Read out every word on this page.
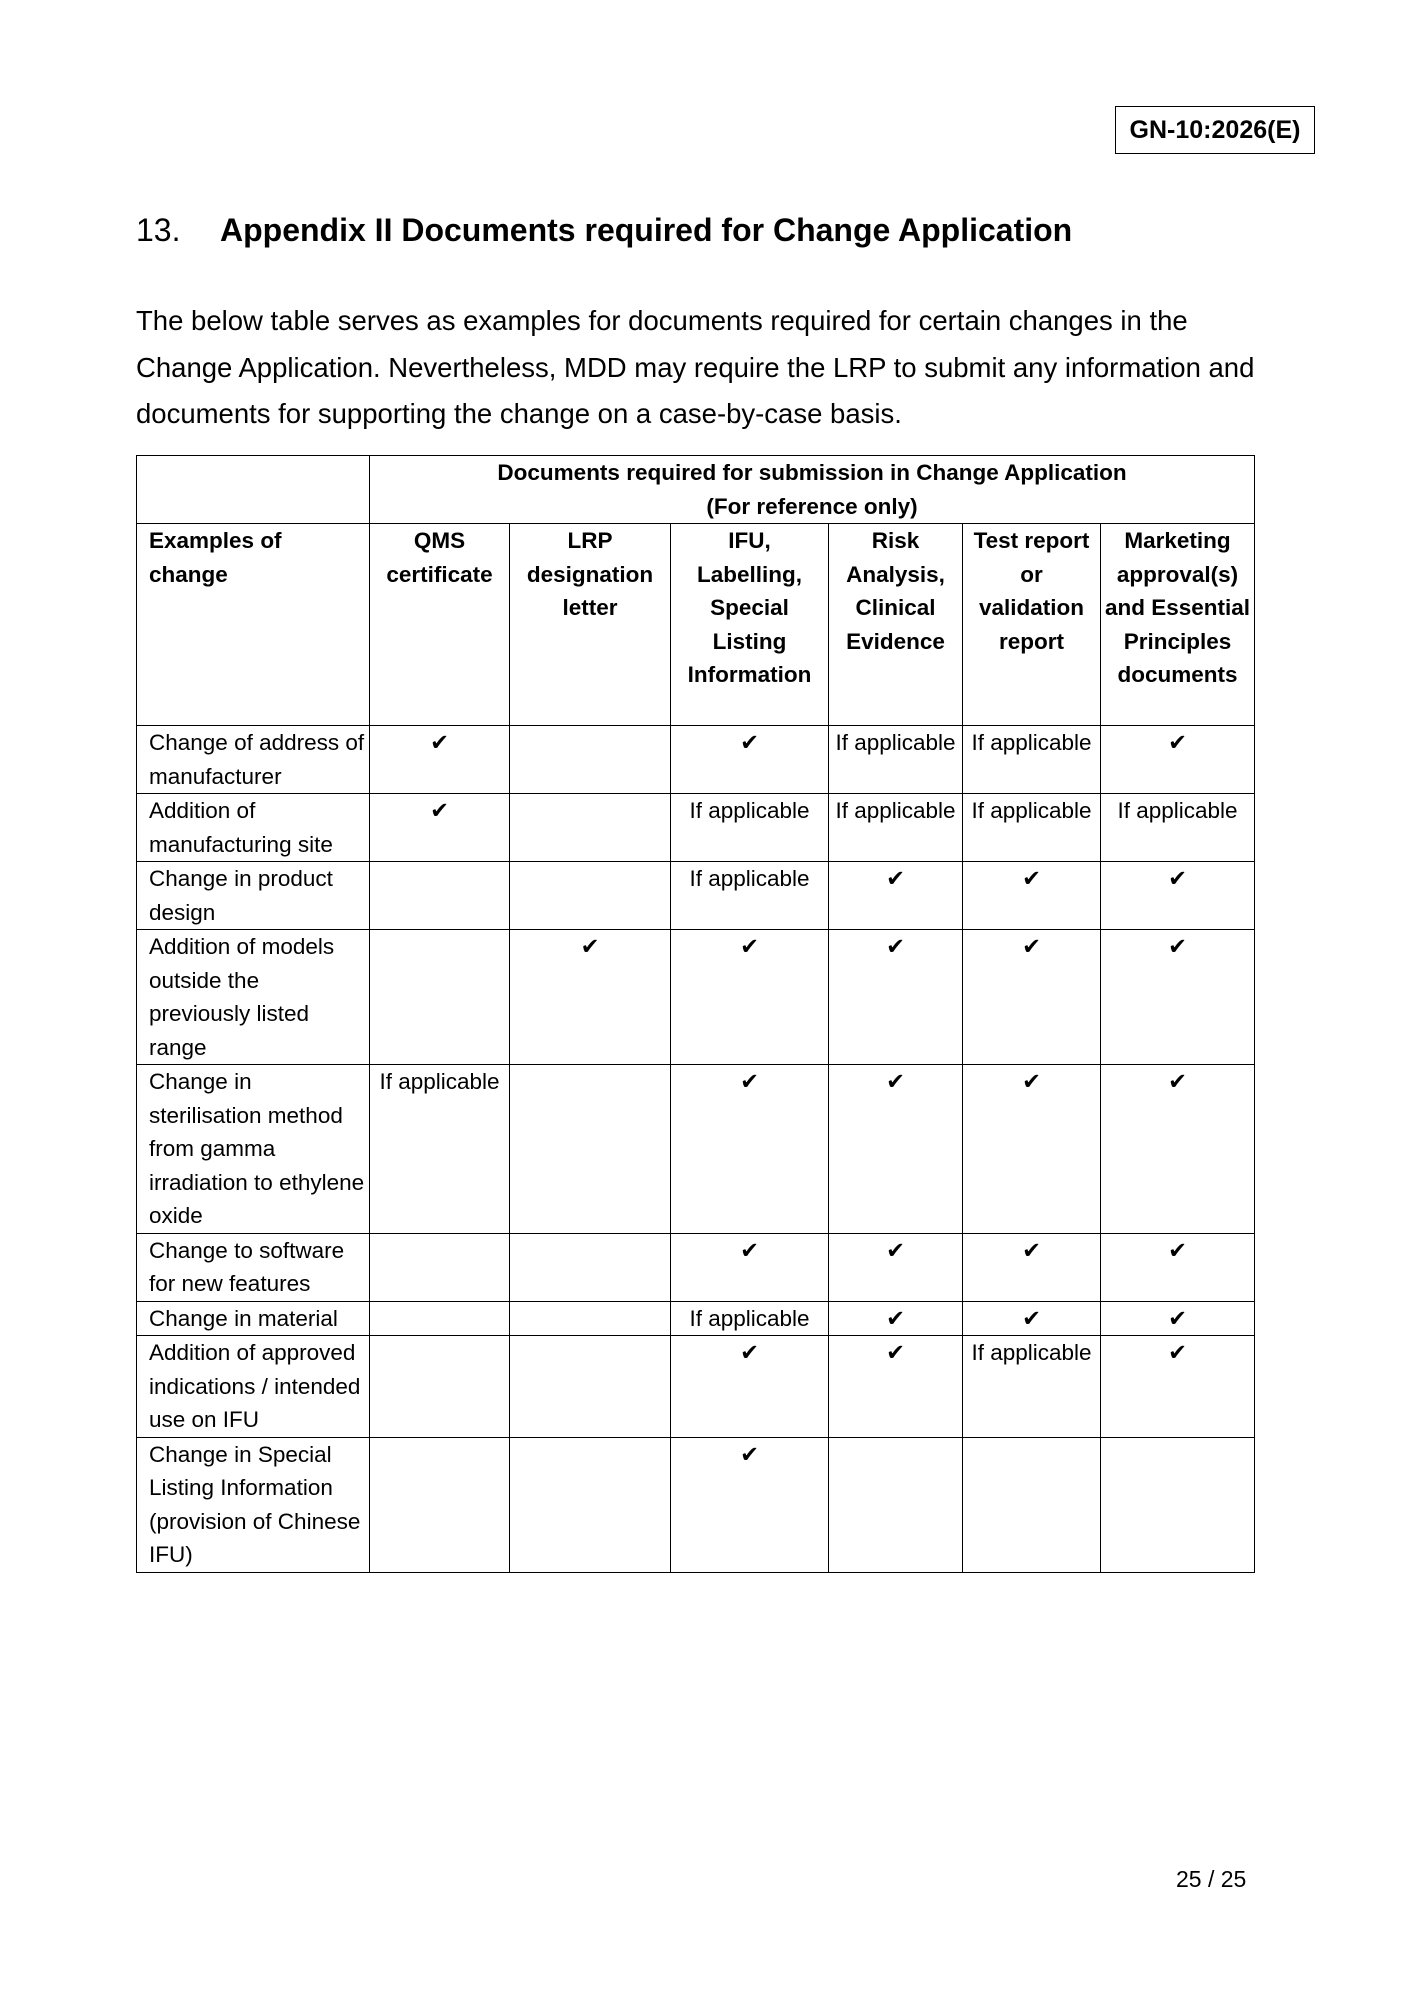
GN-10:2026(E)
13.	Appendix II Documents required for Change Application
The below table serves as examples for documents required for certain changes in the Change Application. Nevertheless, MDD may require the LRP to submit any information and documents for supporting the change on a case-by-case basis.

	Documents required for submission in Change Application
(For reference only)					

Examples of change	QMS certificate	LRP designation letter	IFU, Labelling, Special Listing Information	Risk Analysis, Clinical Evidence	Test report or validation report	Marketing approval(s) and Essential Principles documents
Change of address of manufacturer	✔		✔	If applicable	If applicable	✔
Addition of manufacturing site	✔		If applicable	If applicable	If applicable	If applicable
Change in product design			If applicable	✔	✔	✔
Addition of models outside the previously listed range		✔	✔	✔	✔	✔
Change in sterilisation method from gamma irradiation to ethylene oxide	If applicable		✔	✔	✔	✔
Change to software for new features			✔	✔	✔	✔
Change in material			If applicable	✔	✔	✔
Addition of approved indications / intended use on IFU			✔	✔	If applicable	✔
Change in Special Listing Information (provision of Chinese IFU)			✔			
25 / 25
